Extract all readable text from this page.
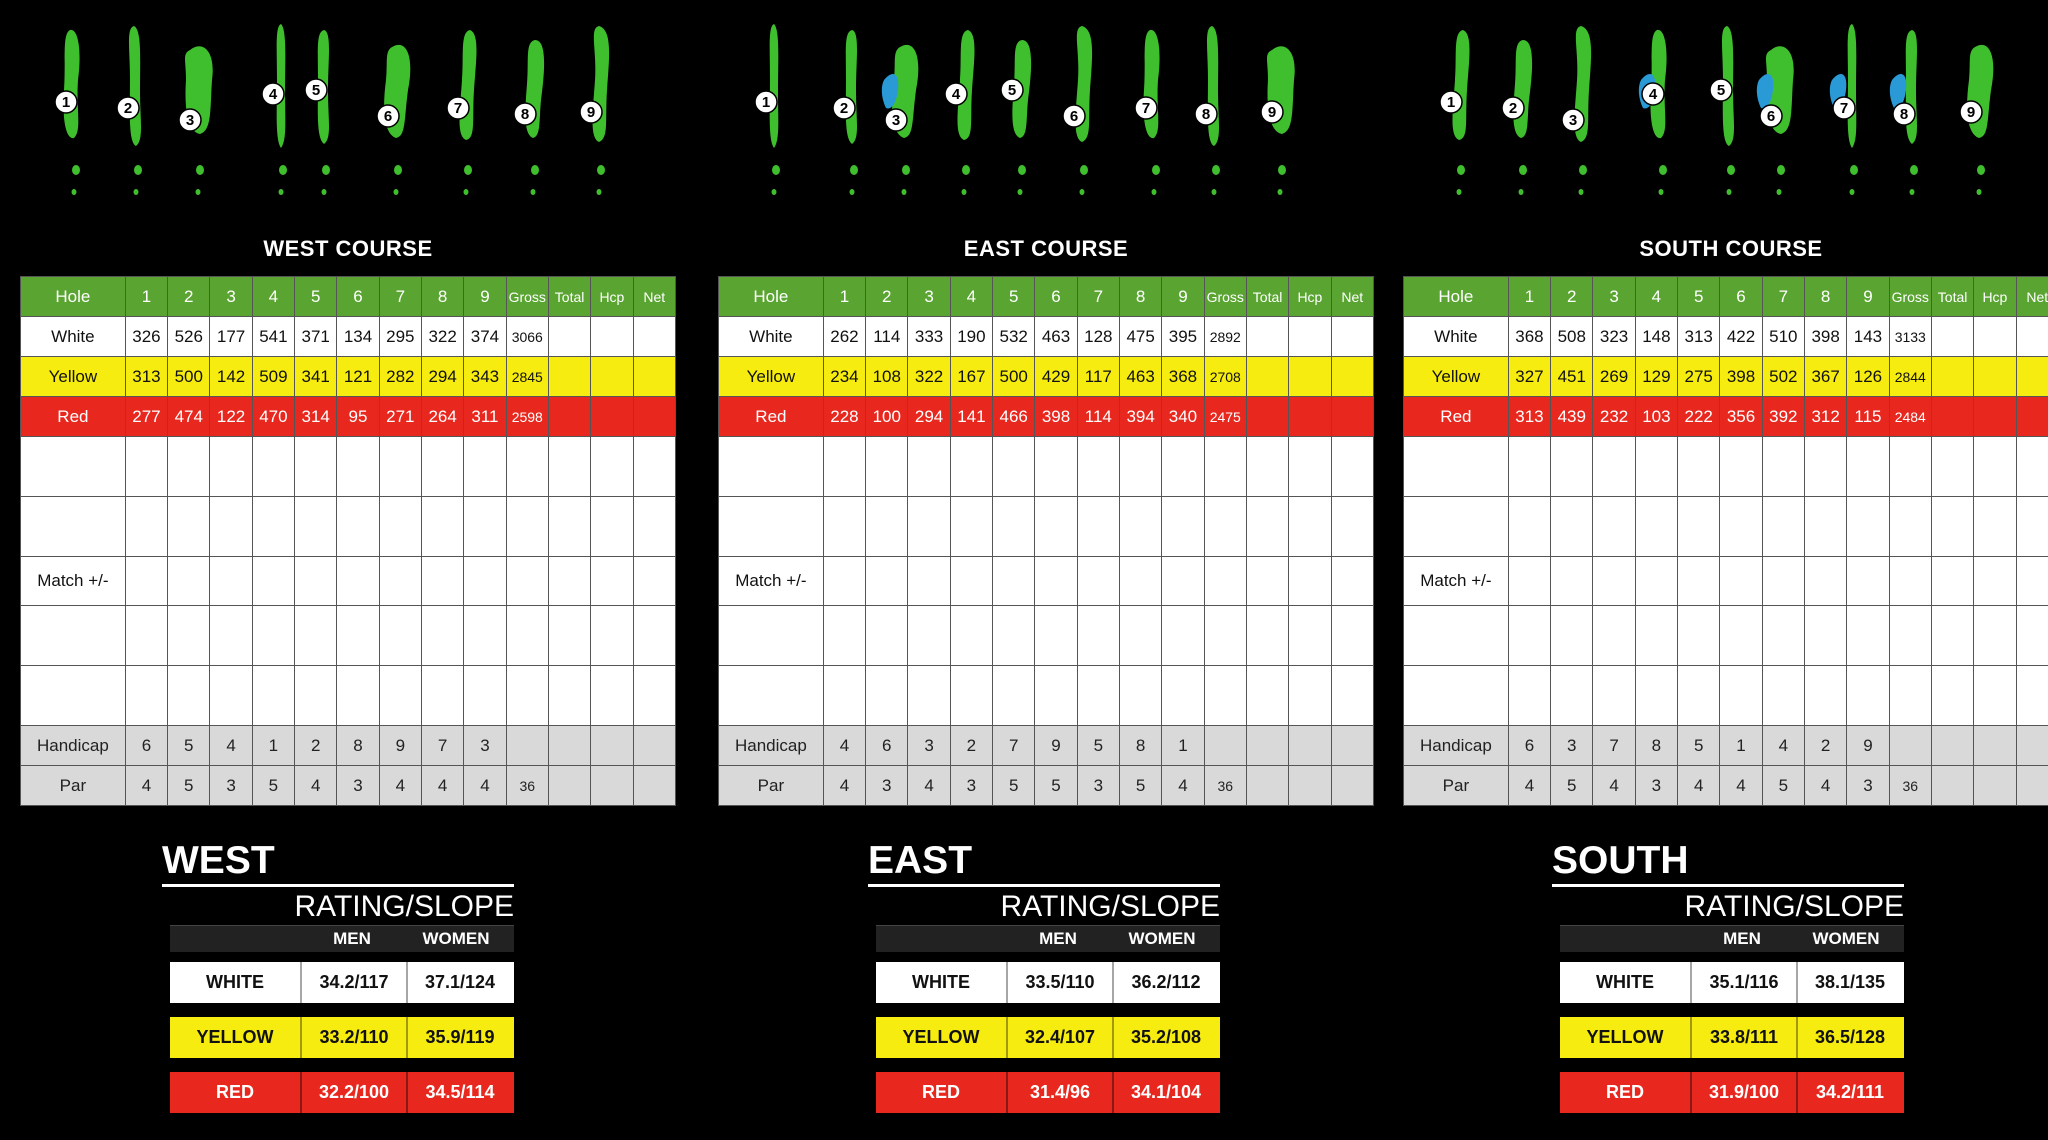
1	2
3
4 5
6	7	8	9
WEST COURSE
Hole	1	2	3	4	5	6	7	8	9	Gross	Total	Hcp	Net
White	326	526	177	541	371	134	295	322	374	3066			
Yellow	313	500	142	509	341	121	282	294	343	2845			
Red	277	474	122	470	314	95	271	264	311	2598			

Match +/-													

Handicap	6	5	4	1	2	8	9	7	3				
Par	4	5	3	5	4	3	4	4	4	36			
WEST
RATING/SLOPE
MEN	WOMEN
WHITE	34.2/117	37.1/124
YELLOW	33.2/110	35.9/119
RED	32.2/100	34.5/114
1	2
3
4	5
6	7	8	9
EAST COURSE
Hole	1	2	3	4	5	6	7	8	9	Gross	Total	Hcp	Net
White	262	114	333	190	532	463	128	475	395	2892			
Yellow	234	108	322	167	500	429	117	463	368	2708			
Red	228	100	294	141	466	398	114	394	340	2475			

Match +/-													

Handicap	4	6	3	2	7	9	5	8	1				
Par	4	3	4	3	5	5	3	5	4	36			
EAST
RATING/SLOPE
MEN	WOMEN
WHITE	33.5/110	36.2/112
YELLOW	32.4/107	35.2/108
RED	31.4/96	34.1/104
1	2
3
4	5
6	7	8	9
SOUTH COURSE
Hole	1	2	3	4	5	6	7	8	9	Gross	Total	Hcp	Net
White	368	508	323	148	313	422	510	398	143	3133			
Yellow	327	451	269	129	275	398	502	367	126	2844			
Red	313	439	232	103	222	356	392	312	115	2484			

Match +/-													

Handicap	6	3	7	8	5	1	4	2	9				
Par	4	5	4	3	4	4	5	4	3	36			
SOUTH
RATING/SLOPE
MEN	WOMEN
WHITE	35.1/116	38.1/135
YELLOW	33.8/111	36.5/128
RED	31.9/100	34.2/111
